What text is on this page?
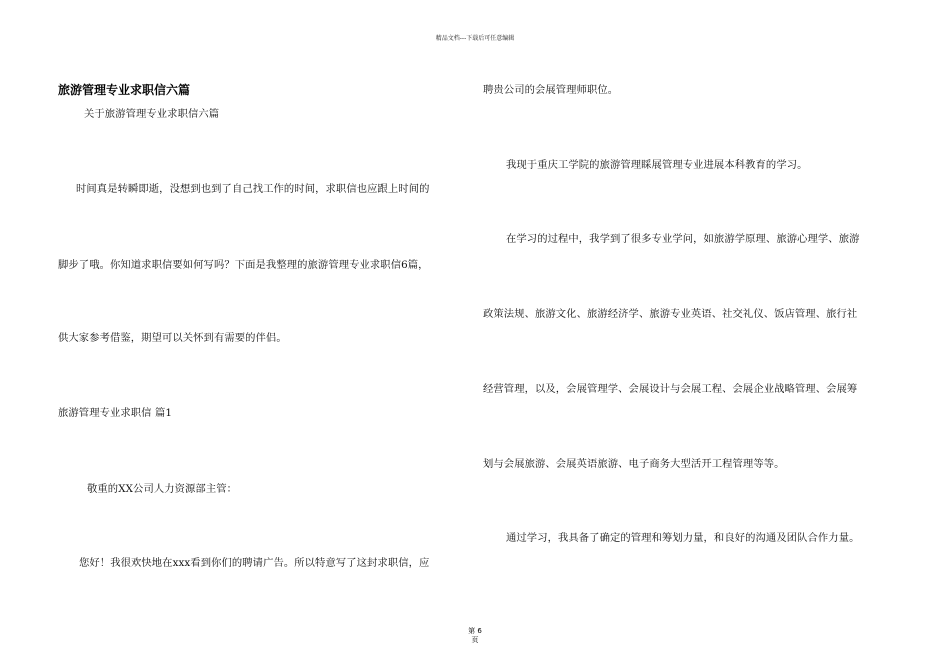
精品文档---下载后可任意编辑
旅游管理专业求职信六篇
关于旅游管理专业求职信六篇
时间真是转瞬即逝，没想到也到了自己找工作的时间，求职信也应跟上时间的
脚步了哦。你知道求职信要如何写吗？下面是我整理的旅游管理专业求职信6篇，
供大家参考借鉴，期望可以关怀到有需要的伴侣。
旅游管理专业求职信 篇1
敬重的XX公司人力资源部主管：
您好！我很欢快地在xxx看到你们的聘请广告。所以特意写了这封求职信，应
聘贵公司的会展管理师职位。
我现于重庆工学院的旅游管理睬展管理专业进展本科教育的学习。
在学习的过程中，我学到了很多专业学问，如旅游学原理、旅游心理学、旅游
政策法规、旅游文化、旅游经济学、旅游专业英语、社交礼仪、饭店管理、旅行社
经营管理，以及，会展管理学、会展设计与会展工程、会展企业战略管理、会展筹
划与会展旅游、会展英语旅游、电子商务大型活开工程管理等等。
通过学习，我具备了确定的管理和筹划力量，和良好的沟通及团队合作力量。
第 6
页
